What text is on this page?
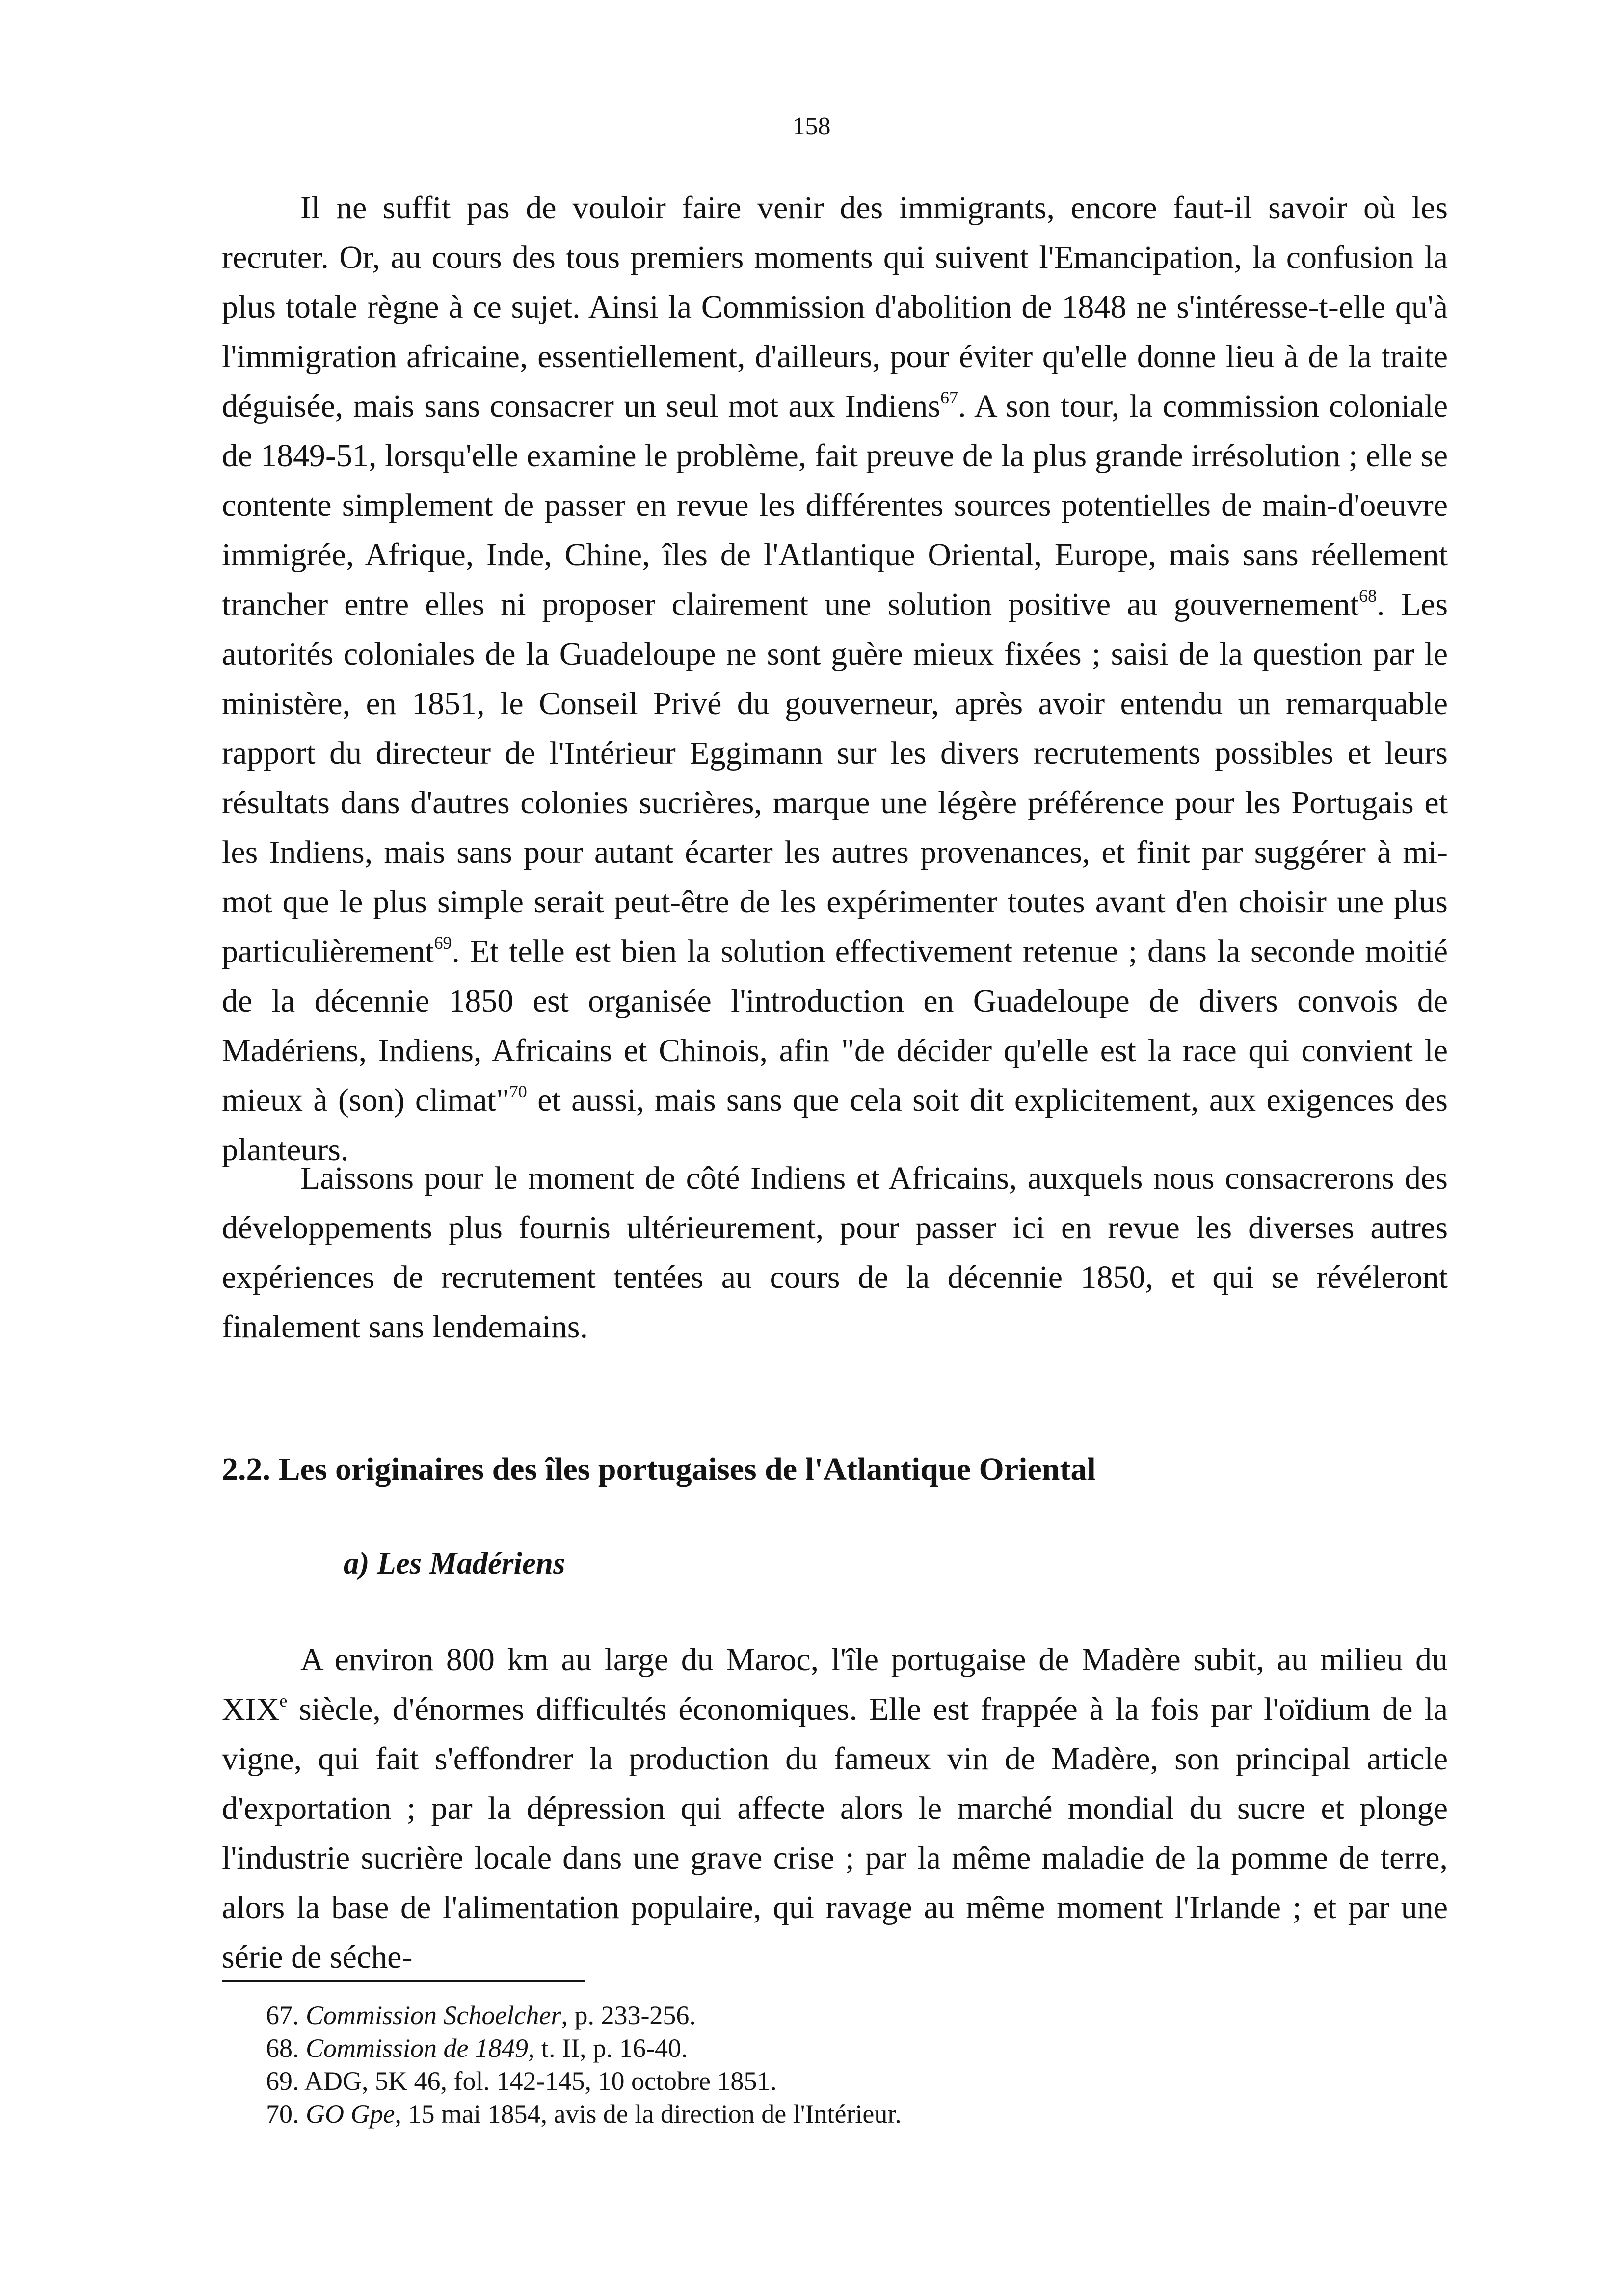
158

Il ne suffit pas de vouloir faire venir des immigrants, encore faut-il savoir où les recruter. Or, au cours des tous premiers moments qui suivent l'Emancipation, la confusion la plus totale règne à ce sujet. Ainsi la Commission d'abolition de 1848 ne s'intéresse-t-elle qu'à l'immigration africaine, essentiellement, d'ailleurs, pour éviter qu'elle donne lieu à de la traite déguisée, mais sans consacrer un seul mot aux Indiens$^{67}$. A son tour, la commission coloniale de 1849-51, lorsqu'elle examine le problème, fait preuve de la plus grande irrésolution ; elle se contente simplement de passer en revue les différentes sources potentielles de main-d'oeuvre immigrée, Afrique, Inde, Chine, îles de l'Atlantique Oriental, Europe, mais sans réellement trancher entre elles ni proposer clairement une solution positive au gouvernement$^{68}$. Les autorités coloniales de la Guadeloupe ne sont guère mieux fixées ; saisi de la question par le ministère, en 1851, le Conseil Privé du gouverneur, après avoir entendu un remarquable rapport du directeur de l'Intérieur Eggimann sur les divers recrutements possibles et leurs résultats dans d'autres colonies sucrières, marque une légère préférence pour les Portugais et les Indiens, mais sans pour autant écarter les autres provenances, et finit par suggérer à mi-mot que le plus simple serait peut-être de les expérimenter toutes avant d'en choisir une plus particulièrement$^{69}$. Et telle est bien la solution effectivement retenue ; dans la seconde moitié de la décennie 1850 est organisée l'introduction en Guadeloupe de divers convois de Madériens, Indiens, Africains et Chinois, afin "de décider qu'elle est la race qui convient le mieux à (son) climat"$^{70}$ et aussi, mais sans que cela soit dit explicitement, aux exigences des planteurs.

Laissons pour le moment de côté Indiens et Africains, auxquels nous consacrerons des développements plus fournis ultérieurement, pour passer ici en revue les diverses autres expériences de recrutement tentées au cours de la décennie 1850, et qui se révéleront finalement sans lendemains.

2.2. Les originaires des îles portugaises de l'Atlantique Oriental
a) Les Madériens

A environ 800 km au large du Maroc, l'île portugaise de Madère subit, au milieu du XIXe siècle, d'énormes difficultés économiques. Elle est frappée à la fois par l'oïdium de la vigne, qui fait s'effondrer la production du fameux vin de Madère, son principal article d'exportation ; par la dépression qui affecte alors le marché mondial du sucre et plonge l'industrie sucrière locale dans une grave crise ; par la même maladie de la pomme de terre, alors la base de l'alimentation populaire, qui ravage au même moment l'Irlande ; et par une série de séche-

67. Commission Schoelcher, p. 233-256.
68. Commission de 1849, t. II, p. 16-40.
69. ADG, 5K 46, fol. 142-145, 10 octobre 1851.
70. GO Gpe, 15 mai 1854, avis de la direction de l'Intérieur.
